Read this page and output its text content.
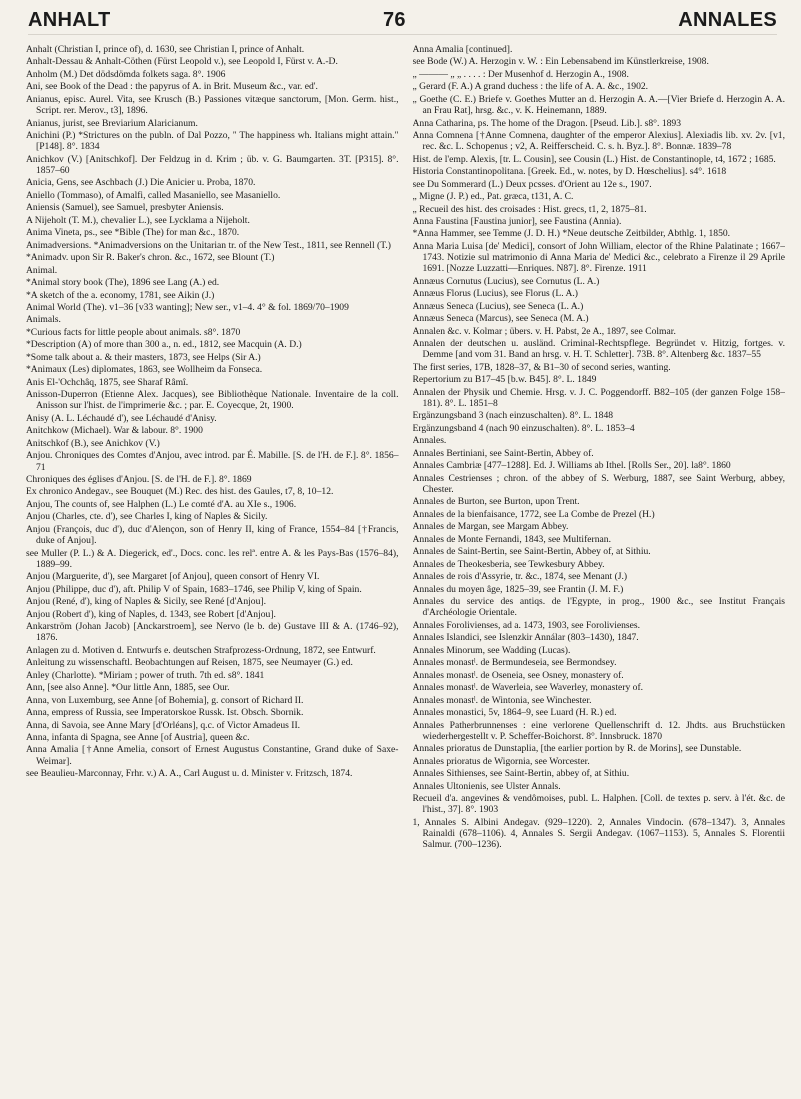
ANHALT	76	ANNALES

Anhalt (Christian I, prince of), d. 1630, see Christian I, prince of Anhalt.

Anhalt-Dessau & Anhalt-Cöthen (Fürst Leopold v.), see Leopold I, Fürst v. A.-D.

Anholm (M.) Det dödsdömda folkets saga. 8°. 1906

Ani, see Book of the Dead : the papyrus of A. in Brit. Museum &c., var. ed'.

Anianus, episc. Aurel. Vita, see Krusch (B.) Passiones vitæque sanctorum, [Mon. Germ. hist., Script. rer. Merov., t3], 1896.

Anianus, jurist, see Breviarium Alaricianum.

Anichini (P.) *Strictures on the publn. of Dal Pozzo, " The happiness wh. Italians might attain." [P148]. 8°. 1834

Anichkov (V.) [Anitschkof]. Der Feldzug in d. Krim ; üb. v. G. Baumgarten. 3T. [P315]. 8°. 1857–60

Anicia, Gens, see Aschbach (J.) Die Anicier u. Proba, 1870.

Aniello (Tommaso), of Amalfi, called Masaniello, see Masaniello.

Aniensis (Samuel), see Samuel, presbyter Aniensis.

A Nijeholt (T. M.), chevalier L.), see Lycklama a Nijeholt.

Anima Vineta, ps., see *Bible (The) for man &c., 1870.

Animadversions. *Animadversions on the Unitarian tr. of the New Test., 1811, see Rennell (T.)

*Animadv. upon Sir R. Baker's chron. &c., 1672, see Blount (T.)

Animal.

*Animal story book (The), 1896 see Lang (A.) ed.

*A sketch of the a. economy, 1781, see Aikin (J.)

Animal World (The). v1–36 [v33 wanting]; New ser., v1–4. 4° & fol. 1869/70–1909

Animals.

*Curious facts for little people about animals. s8°. 1870

*Description (A) of more than 300 a., n. ed., 1812, see Macquin (A. D.)

*Some talk about a. & their masters, 1873, see Helps (Sir A.)

*Animaux (Les) diplomates, 1863, see Wollheim da Fonseca.

Anis El-'Ochchâq, 1875, see Sharaf Râmî.

Anisson-Duperron (Etienne Alex. Jacques), see Bibliothèque Nationale. Inventaire de la coll. Anisson sur l'hist. de l'imprimerie &c. ; par. E. Coyecque, 2t, 1900.

Anisy (A. L. Léchaudé d'), see Léchaudé d'Anisy.

Anitchkow (Michael). War & labour. 8°. 1900

Anitschkof (B.), see Anichkov (V.)

Anjou. Chroniques des Comtes d'Anjou, avec introd. par É. Mabille. [S. de l'H. de F.]. 8°. 1856–71

Chroniques des églises d'Anjou. [S. de l'H. de F.]. 8°. 1869

Ex chronico Andegav., see Bouquet (M.) Rec. des hist. des Gaules, t7, 8, 10–12.

Anjou, The counts of, see Halphen (L.) Le comté d'A. au XIe s., 1906.

Anjou (Charles, cte. d'), see Charles I, king of Naples & Sicily.

Anjou (François, duc d'), duc d'Alençon, son of Henry II, king of France, 1554–84 [†Francis, duke of Anjou].

see Muller (P. L.) & A. Diegerick, ed'., Docs. conc. les relª. entre A. & les Pays-Bas (1576–84), 1889–99.

Anjou (Marguerite, d'), see Margaret [of Anjou], queen consort of Henry VI.

Anjou (Philippe, duc d'), aft. Philip V of Spain, 1683–1746, see Philip V, king of Spain.

Anjou (René, d'), king of Naples & Sicily, see René [d'Anjou].

Anjou (Robert d'), king of Naples, d. 1343, see Robert [d'Anjou].

Ankarström (Johan Jacob) [Anckarstroem], see Nervo (le b. de) Gustave III & A. (1746–92), 1876.

Anlagen zu d. Motiven d. Entwurfs e. deutschen Strafprozess-Ordnung, 1872, see Entwurf.

Anleitung zu wissenschaftl. Beobachtungen auf Reisen, 1875, see Neumayer (G.) ed.

Anley (Charlotte). *Miriam ; power of truth. 7th ed. s8°. 1841

Ann, [see also Anne]. *Our little Ann, 1885, see Our.

Anna, von Luxemburg, see Anne [of Bohemia], g. consort of Richard II.

Anna, empress of Russia, see Imperatorskoe Russk. Ist. Obsch. Sbornik.

Anna, di Savoia, see Anne Mary [d'Orléans], q.c. of Victor Amadeus II.

Anna, infanta di Spagna, see Anne [of Austria], queen &c.

Anna Amalia [†Anne Amelia, consort of Ernest Augustus Constantine, Grand duke of Saxe-Weimar].

see Beaulieu-Marconnay, Frhr. v.) A. A., Carl August u. d. Minister v. Fritzsch, 1874.

Anna Amalia [continued].

see Bode (W.) A. Herzogin v. W. : Ein Lebensabend im Künstlerkreise, 1908.

„ ——— „ „ . . . . : Der Musenhof d. Herzogin A., 1908.

„ Gerard (F. A.) A grand duchess : the life of A. A. &c., 1902.

„ Goethe (C. E.) Briefe v. Goethes Mutter an d. Herzogin A. A.—[Vier Briefe d. Herzogin A. A. an Frau Rat], hrsg. &c., v. K. Heinemann, 1889.

Anna Catharina, ps. The home of the Dragon. [Pseud. Lib.]. s8°. 1893

Anna Comnena [†Anne Comnena, daughter of the emperor Alexius]. Alexiadis lib. xv. 2v. [v1, rec. &c. L. Schopenus ; v2, A. Reifferscheid. C. s. h. Byz.]. 8°. Bonnæ. 1839–78

Hist. de l'emp. Alexis, [tr. L. Cousin], see Cousin (L.) Hist. de Constantinople, t4, 1672 ; 1685.

Historia Constantinopolitana. [Greek. Ed., w. notes, by D. Hœschelius]. s4°. 1618

see Du Sommerard (L.) Deux pcsses. d'Orient au 12e s., 1907.

„ Migne (J. P.) ed., Pat. græca, t131, A. C.

„ Recueil des hist. des croisades : Hist. grecs, t1, 2, 1875–81.

Anna Faustina [Faustina junior], see Faustina (Annia).

*Anna Hammer, see Temme (J. D. H.) *Neue deutsche Zeitbilder, Abthlg. 1, 1850.

Anna Maria Luisa [de' Medici], consort of John William, elector of the Rhine Palatinate ; 1667–1743. Notizie sul matrimonio di Anna Maria de' Medici &c., celebrato a Firenze il 29 Aprile 1691. [Nozze Luzzatti—Enriques. N87]. 8°. Firenze. 1911

Annæus Cornutus (Lucius), see Cornutus (L. A.)

Annæus Florus (Lucius), see Florus (L. A.)

Annæus Seneca (Lucius), see Seneca (L. A.)

Annæus Seneca (Marcus), see Seneca (M. A.)

Annalen &c. v. Kolmar ; übers. v. H. Pabst, 2e A., 1897, see Colmar.

Annalen der deutschen u. ausländ. Criminal-Rechtspflege. Begründet v. Hitzig, fortges. v. Demme [and vom 31. Band an hrsg. v. H. T. Schletter]. 73B. 8°. Altenberg &c. 1837–55

The first series, 17B, 1828–37, & B1–30 of second series, wanting.

Repertorium zu B17–45 [b.w. B45]. 8°. L. 1849

Annalen der Physik und Chemie. Hrsg. v. J. C. Poggendorff. B82–105 (der ganzen Folge 158–181). 8°. L. 1851–8

Ergänzungsband 3 (nach einzuschalten). 8°. L. 1848

Ergänzungsband 4 (nach 90 einzuschalten). 8°. L. 1853–4

Annales.

Annales Bertiniani, see Saint-Bertin, Abbey of.

Annales Cambriæ [477–1288]. Ed. J. Williams ab Ithel. [Rolls Ser., 20]. la8°. 1860

Annales Cestrienses ; chron. of the abbey of S. Werburg, 1887, see Saint Werburg, abbey, Chester.

Annales de Burton, see Burton, upon Trent.

Annales de la bienfaisance, 1772, see La Combe de Prezel (H.)

Annales de Margan, see Margam Abbey.

Annales de Monte Fernandi, 1843, see Multifernan.

Annales de Saint-Bertin, see Saint-Bertin, Abbey of, at Sithiu.

Annales de Theokesberia, see Tewkesbury Abbey.

Annales de rois d'Assyrie, tr. &c., 1874, see Menant (J.)

Annales du moyen âge, 1825–39, see Frantin (J. M. F.)

Annales du service des antiqs. de l'Egypte, in prog., 1900 &c., see Institut Français d'Archéologie Orientale.

Annales Forolivienses, ad a. 1473, 1903, see Forolivienses.

Annales Islandici, see Islenzkir Annálar (803–1430), 1847.

Annales Minorum, see Wadding (Lucas).

Annales monastˡ. de Bermundeseia, see Bermondsey.

Annales monastˡ. de Oseneia, see Osney, monastery of.

Annales monastˡ. de Waverleia, see Waverley, monastery of.

Annales monastˡ. de Wintonia, see Winchester.

Annales monastici, 5v, 1864–9, see Luard (H. R.) ed.

Annales Patherbrunnenses : eine verlorene Quellenschrift d. 12. Jhdts. aus Bruchstücken wiederhergestellt v. P. Scheffer-Boichorst. 8°. Innsbruck. 1870

Annales prioratus de Dunstaplia, [the earlier portion by R. de Morins], see Dunstable.

Annales prioratus de Wigornia, see Worcester.

Annales Sithienses, see Saint-Bertin, abbey of, at Sithiu.

Annales Ultonienis, see Ulster Annals.

Recueil d'a. angevines & vendômoises, publ. L. Halphen. [Coll. de textes p. serv. à l'ét. &c. de l'hist., 37]. 8°. 1903

1, Annales S. Albini Andegav. (929–1220). 2, Annales Vindocin. (678–1347). 3, Annales Rainaldi (678–1106). 4, Annales S. Sergii Andegav. (1067–1153). 5, Annales S. Florentii Salmur. (700–1236).
